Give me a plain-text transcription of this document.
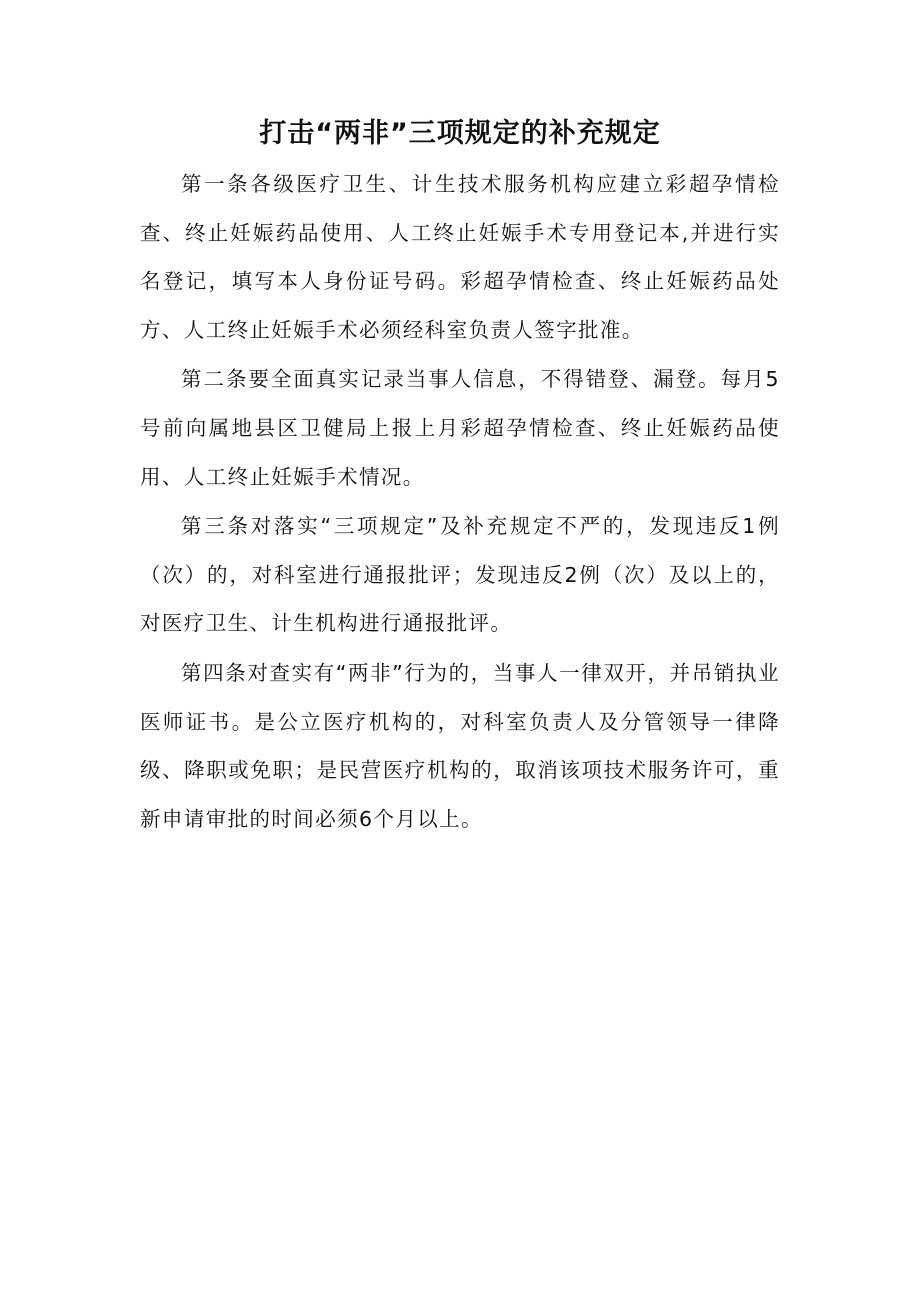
打击“两非”三项规定的补充规定

第一条各级医疗卫生、计生技术服务机构应建立彩超孕情检查、终止妊娠药品使用、人工终止妊娠手术专用登记本,并进行实名登记，填写本人身份证号码。彩超孕情检查、终止妊娠药品处方、人工终止妊娠手术必须经科室负责人签字批准。

第二条要全面真实记录当事人信息，不得错登、漏登。每月5号前向属地县区卫健局上报上月彩超孕情检查、终止妊娠药品使用、人工终止妊娠手术情况。

第三条对落实“三项规定”及补充规定不严的，发现违反1例（次）的，对科室进行通报批评；发现违反2例（次）及以上的，对医疗卫生、计生机构进行通报批评。

第四条对查实有“两非”行为的，当事人一律双开，并吊销执业医师证书。是公立医疗机构的，对科室负责人及分管领导一律降级、降职或免职；是民营医疗机构的，取消该项技术服务许可，重新申请审批的时间必须6个月以上。
